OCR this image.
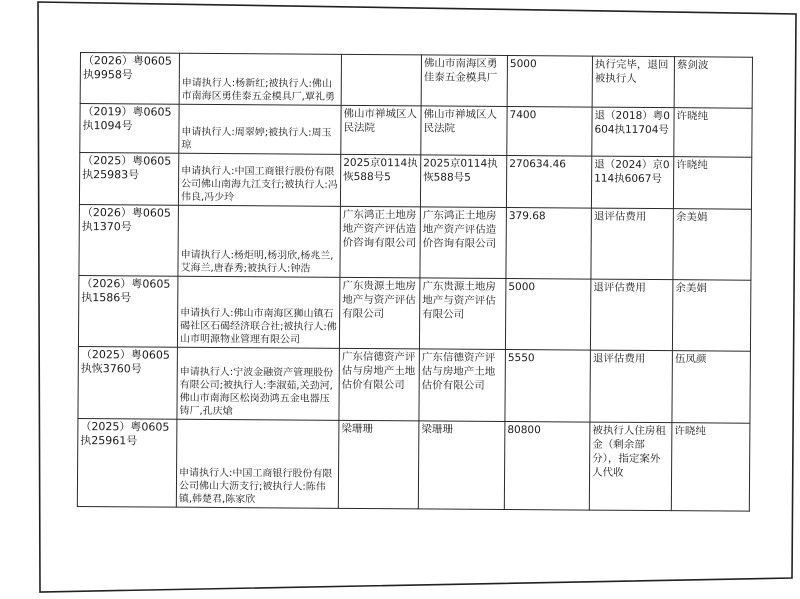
（2026）粤0605执9958号	申请执行人:杨新红;被执行人:佛山市南海区勇佳泰五金模具厂,覃礼勇		佛山市南海区勇佳泰五金模具厂	5000	执行完毕，退回被执行人	蔡剑波
（2019）粤0605执1094号	申请执行人:周翠婷;被执行人:周玉琼	佛山市禅城区人民法院	佛山市禅城区人民法院	7400	退（2018）粤0604执11704号	许晓纯
（2025）粤0605执25983号	申请执行人:中国工商银行股份有限公司佛山南海九江支行;被执行人:冯伟良,冯少玲	2025京0114执恢588号5	2025京0114执恢588号5	270634.46	退（2024）京0114执6067号	许晓纯
（2026）粤0605执1370号	申请执行人:杨炬明,杨羽欣,杨兆兰,艾海兰,唐春秀;被执行人:钟浩	广东鸿正土地房地产资产评估造价咨询有限公司	广东鸿正土地房地产资产评估造价咨询有限公司	379.68	退评估费用	余美娟
（2026）粤0605执1586号	申请执行人:佛山市南海区狮山镇石碣社区石碣经济联合社;被执行人:佛山市明源物业管理有限公司	广东贵源土地房地产与资产评估有限公司	广东贵源土地房地产与资产评估有限公司	5000	退评估费用	余美娟
（2025）粤0605执恢3760号	申请执行人:宁波金融资产管理股份有限公司;被执行人:李淑茹,关劲河,佛山市南海区松岗劲鸿五金电器压铸厂,孔庆熗	广东信德资产评估与房地产土地估价有限公司	广东信德资产评估与房地产土地估价有限公司	5550	退评估费用	伍凤颜
（2025）粤0605执25961号	申请执行人:中国工商银行股份有限公司佛山大沥支行;被执行人:陈伟镇,韩楚君,陈家欣	梁珊珊	梁珊珊	80800	被执行人住房租金（剩余部分），指定案外人代收	许晓纯
